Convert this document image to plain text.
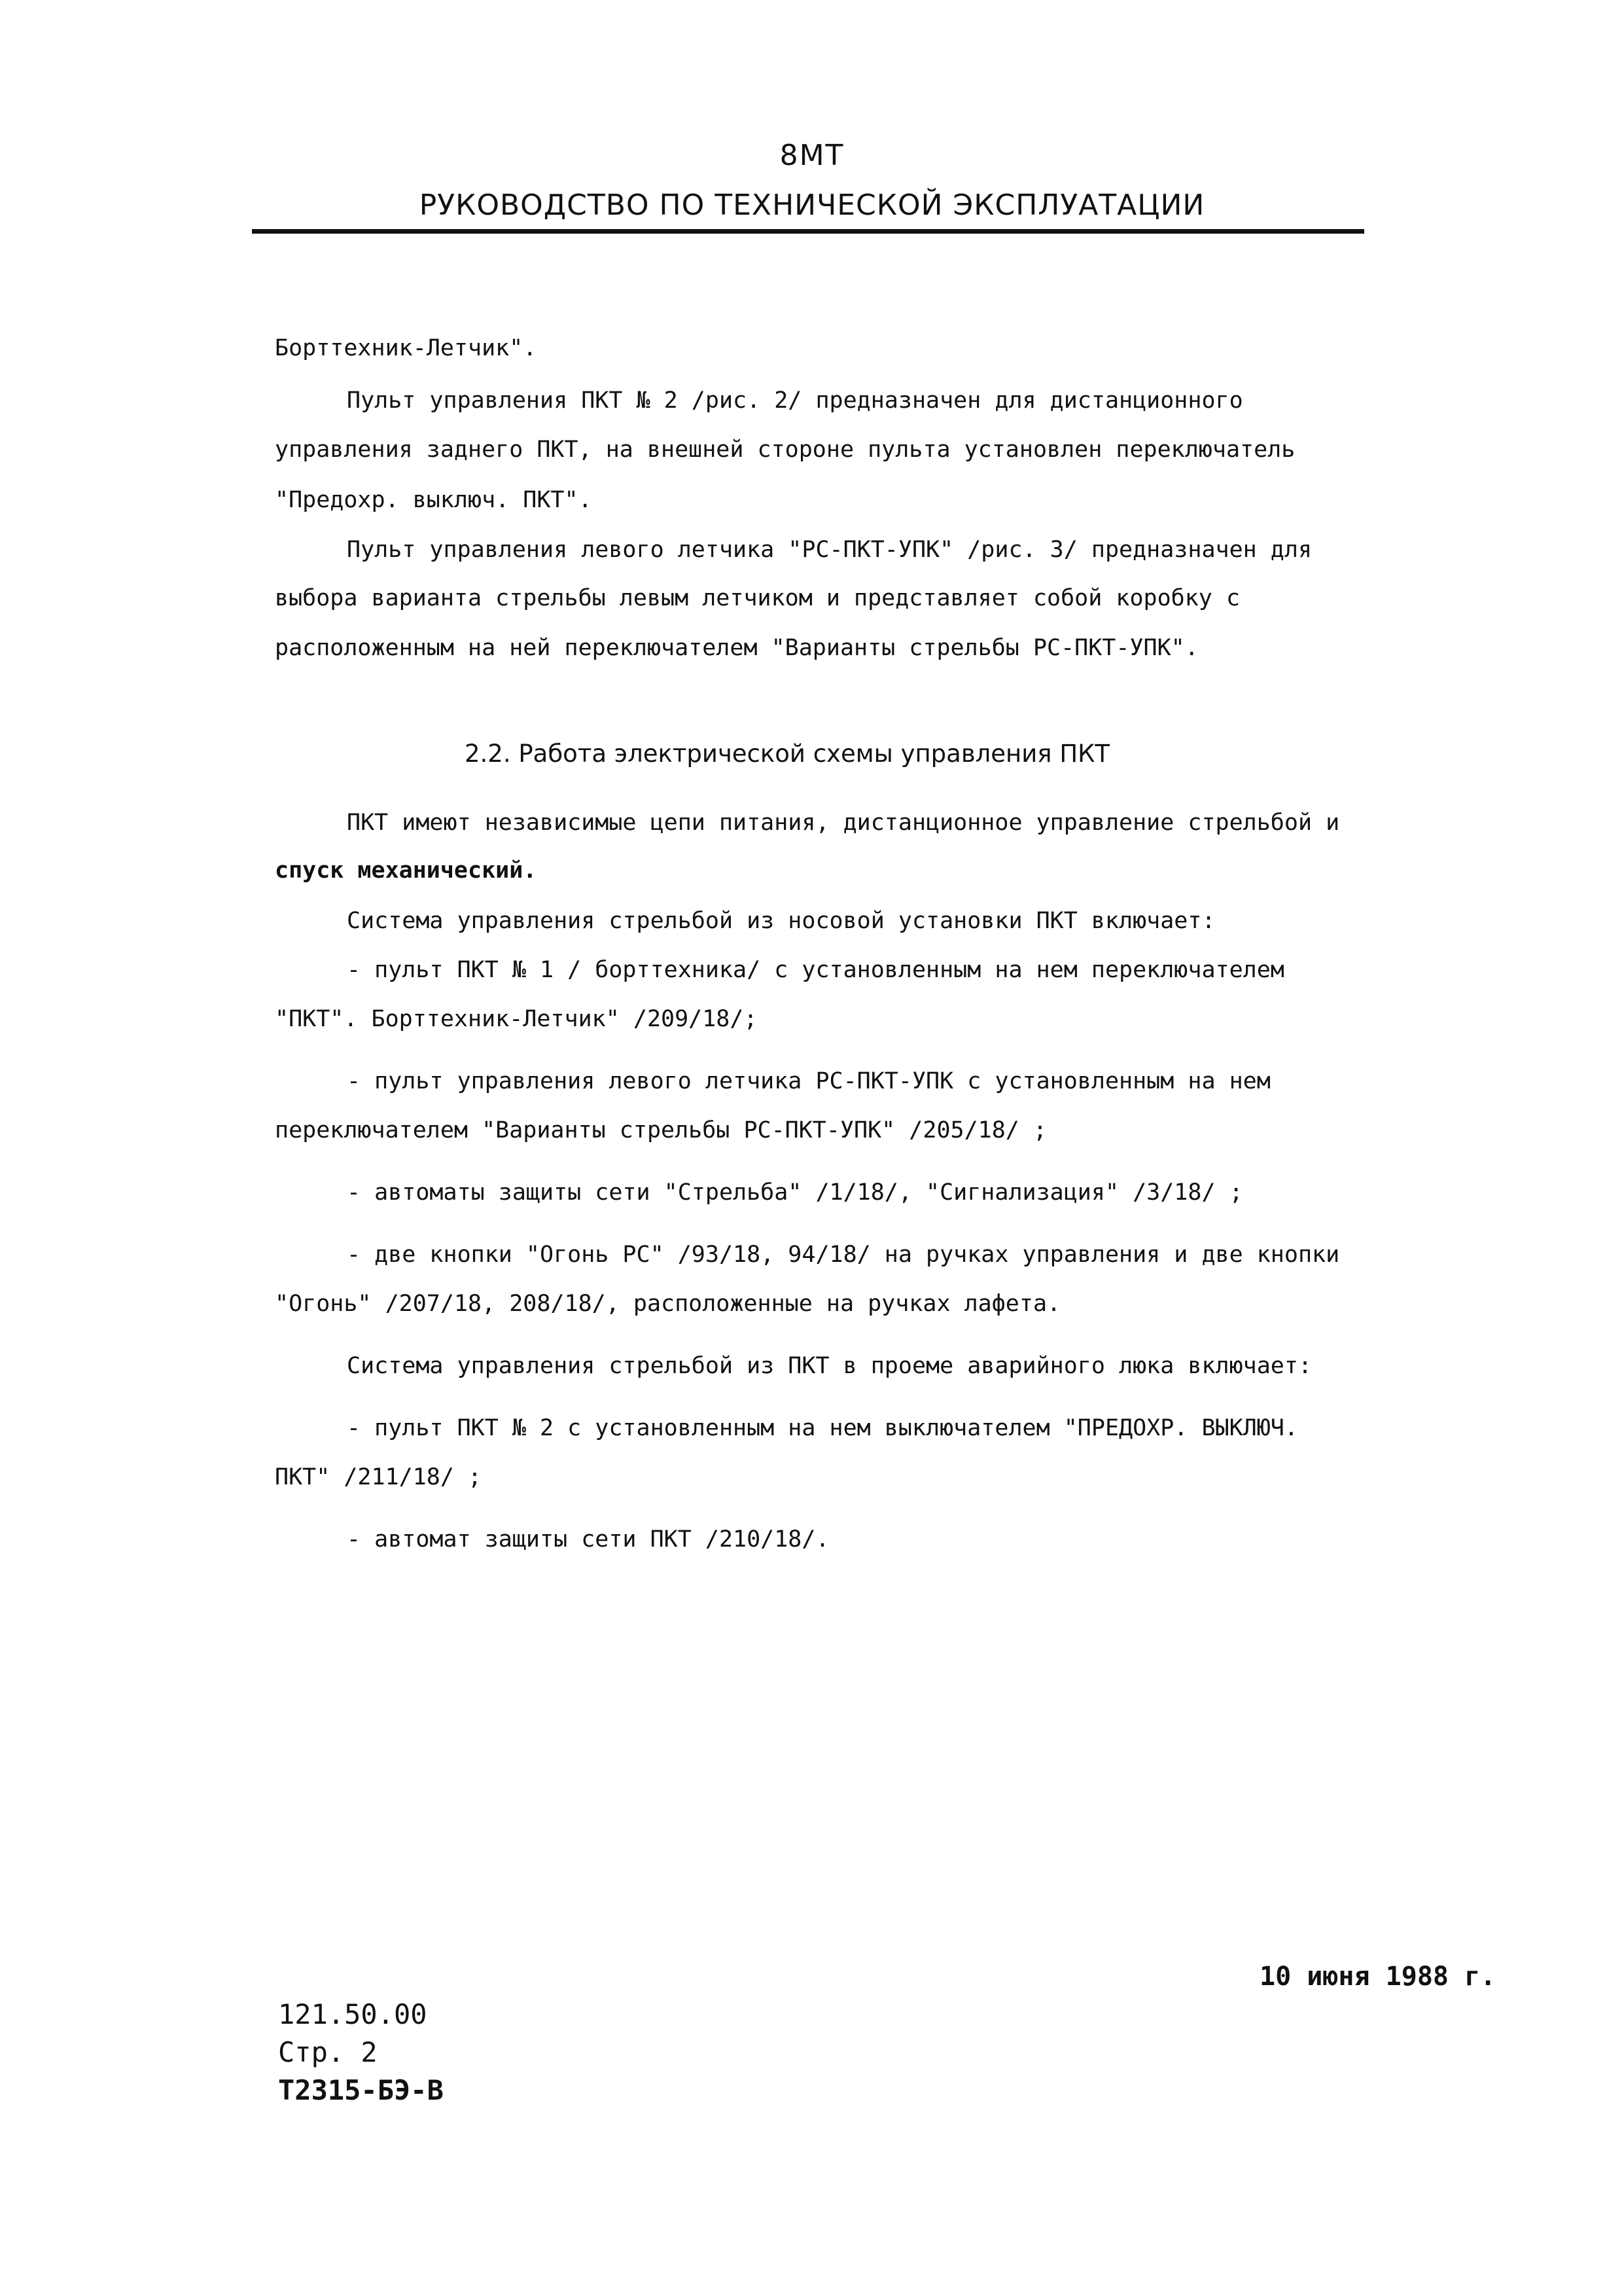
8МТ
РУКОВОДСТВО ПО ТЕХНИЧЕСКОЙ ЭКСПЛУАТАЦИИ
Борттехник-Летчик".
Пульт управления ПКТ № 2 /рис. 2/ предназначен для дистанционного
управления заднего ПКТ, на внешней стороне пульта установлен переключатель
"Предохр. выключ. ПКТ".
Пульт управления левого летчика "РС-ПКТ-УПК" /рис. 3/ предназначен для
выбора варианта стрельбы левым летчиком и представляет собой коробку с
расположенным на ней переключателем "Варианты стрельбы РС-ПКТ-УПК".
2.2. Работа электрической схемы управления ПКТ
ПКТ имеют независимые цепи питания, дистанционное управление стрельбой и
спуск механический.
Система управления стрельбой из носовой установки ПКТ включает:
- пульт ПКТ № 1 / борттехника/ с установленным на нем переключателем
"ПКТ". Борттехник-Летчик" /209/18/;
- пульт управления левого летчика РС-ПКТ-УПК с установленным на нем
переключателем "Варианты стрельбы РС-ПКТ-УПК" /205/18/ ;
- автоматы защиты сети "Стрельба" /1/18/, "Сигнализация" /3/18/ ;
- две кнопки "Огонь РС" /93/18, 94/18/ на ручках управления и две кнопки
"Огонь" /207/18, 208/18/, расположенные на ручках лафета.
Система управления стрельбой из ПКТ в проеме аварийного люка включает:
- пульт ПКТ № 2 с установленным на нем выключателем "ПРЕДОХР. ВЫКЛЮЧ.
ПКТ" /211/18/ ;
- автомат защиты сети ПКТ /210/18/.
10 июня 1988 г.
121.50.00
Стр. 2
Т2315-БЭ-В
